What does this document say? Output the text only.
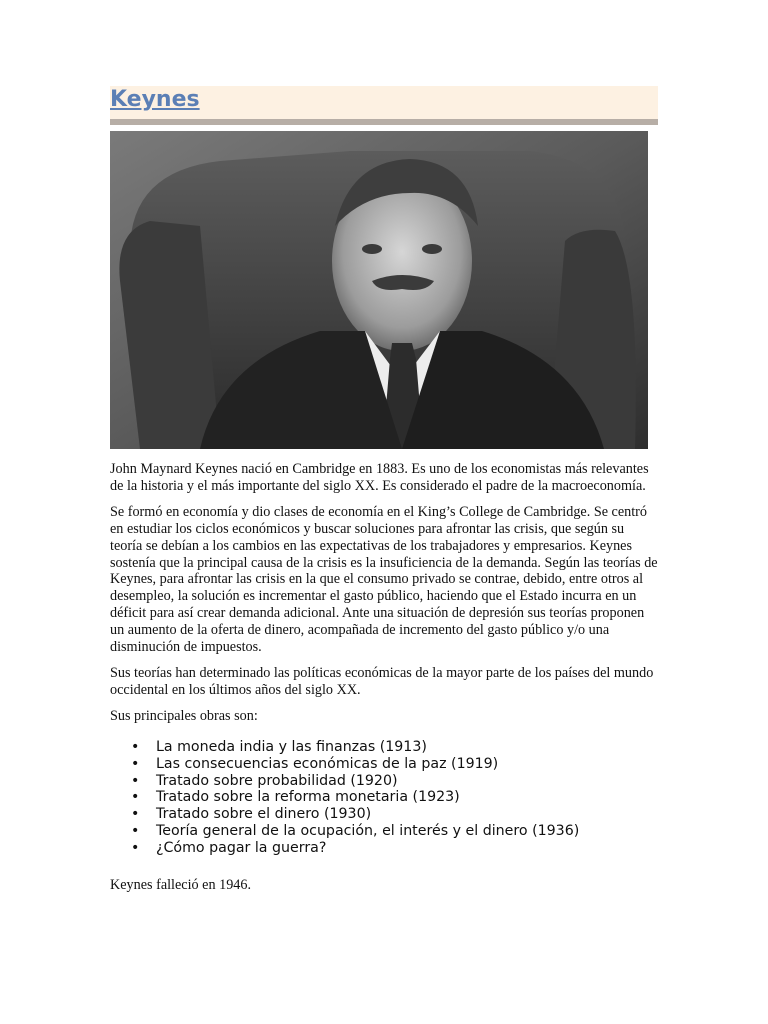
Keynes

John Maynard Keynes nació en Cambridge en 1883. Es uno de los economistas más relevantes de la historia y el más importante del siglo XX. Es considerado el padre de la macroeconomía.

Se formó en economía y dio clases de economía en el King’s College de Cambridge. Se centró en estudiar los ciclos económicos y buscar soluciones para afrontar las crisis, que según su teoría se debían a los cambios en las expectativas de los trabajadores y empresarios. Keynes sostenía que la principal causa de la crisis es la insuficiencia de la demanda. Según las teorías de Keynes, para afrontar las crisis en la que el consumo privado se contrae, debido, entre otros al desempleo, la solución es incrementar el gasto público, haciendo que el Estado incurra en un déficit para así crear demanda adicional. Ante una situación de depresión sus teorías proponen un aumento de la oferta de dinero, acompañada de incremento del gasto público y/o una disminución de impuestos.

Sus teorías han determinado las políticas económicas de la mayor parte de los países del mundo occidental en los últimos años del siglo XX.

Sus principales obras son:

• La moneda india y las finanzas (1913)
• Las consecuencias económicas de la paz (1919)
• Tratado sobre probabilidad (1920)
• Tratado sobre la reforma monetaria (1923)
• Tratado sobre el dinero (1930)
• Teoría general de la ocupación, el interés y el dinero (1936)
• ¿Cómo pagar la guerra?

Keynes falleció en 1946.
